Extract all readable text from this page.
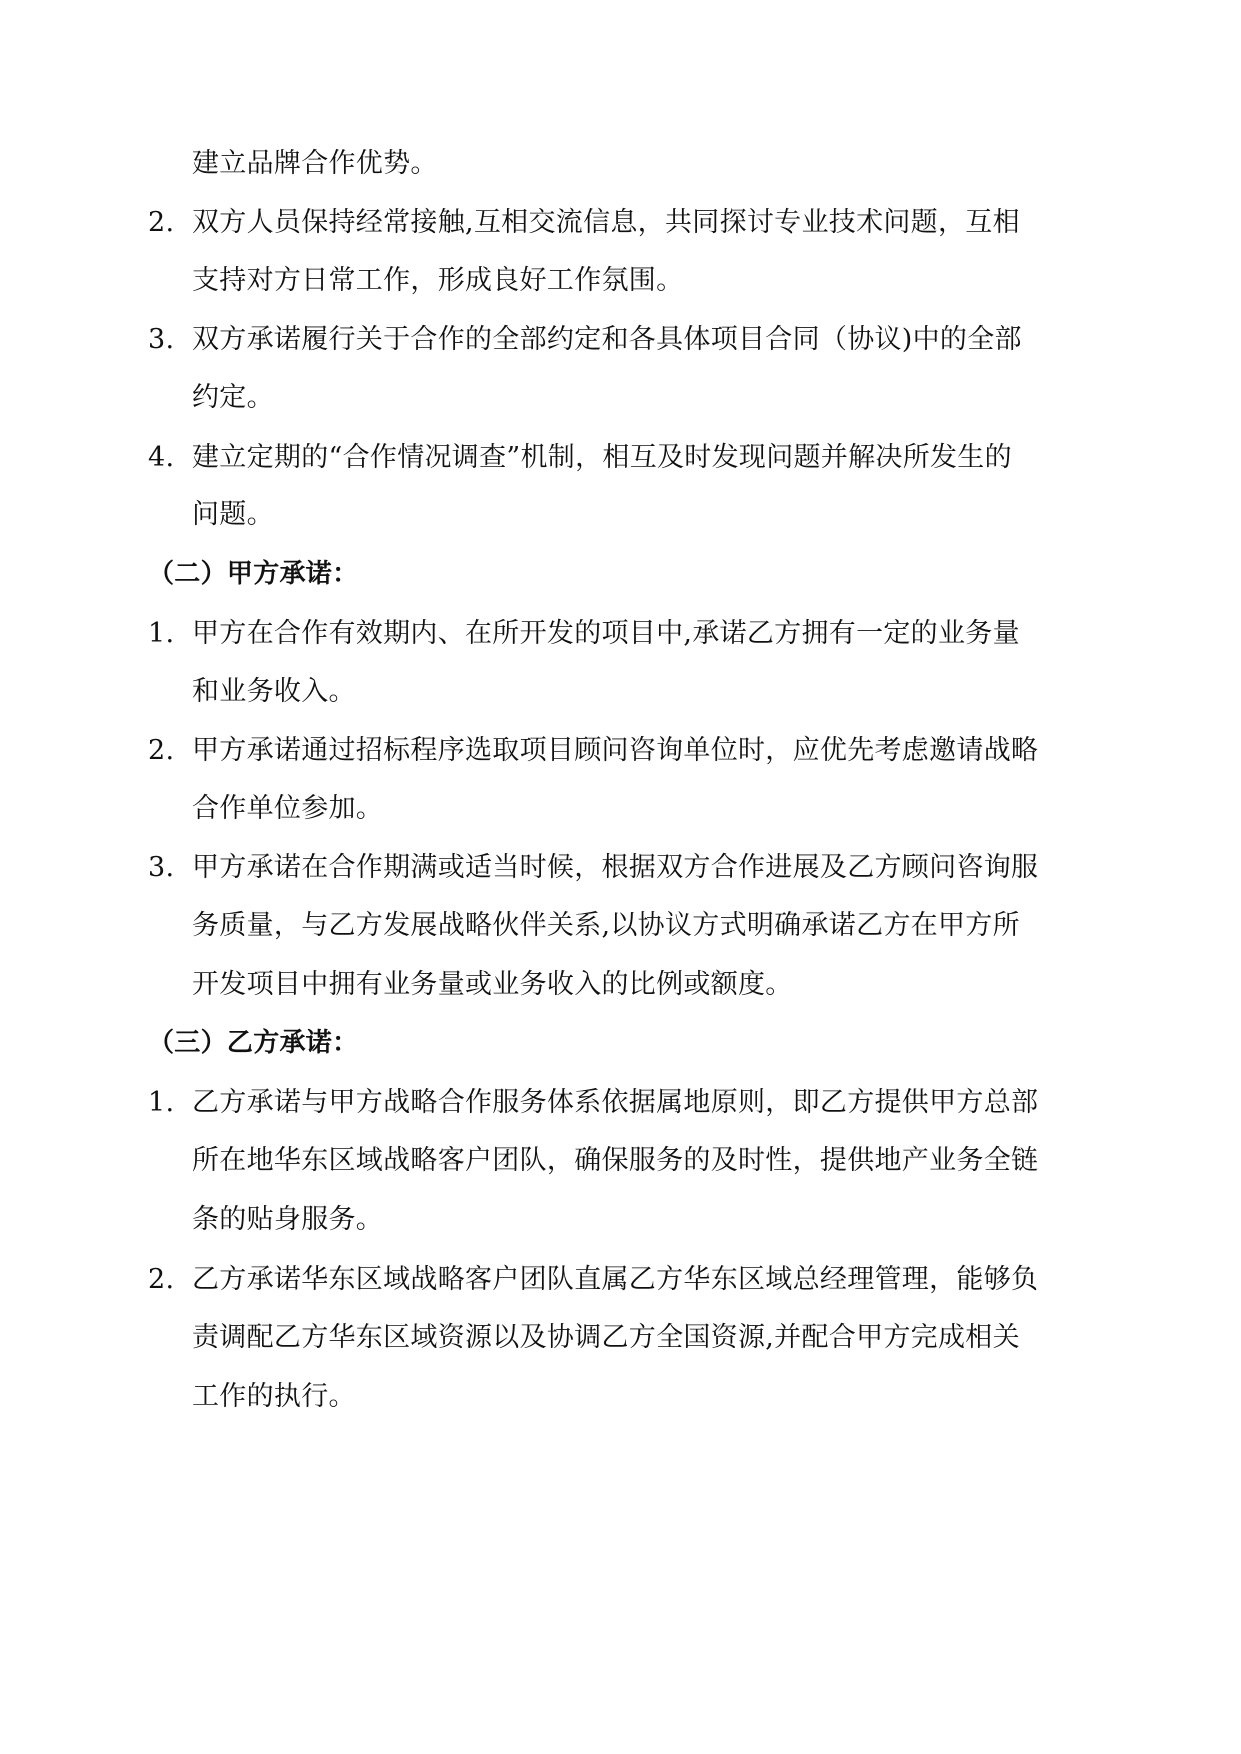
建立品牌合作优势。
2. 双方人员保持经常接触,互相交流信息，共同探讨专业技术问题，互相
支持对方日常工作，形成良好工作氛围。
3. 双方承诺履行关于合作的全部约定和各具体项目合同（协议)中的全部
约定。
4. 建立定期的“合作情况调查”机制，相互及时发现问题并解决所发生的
问题。
（二）甲方承诺：
1. 甲方在合作有效期内、在所开发的项目中,承诺乙方拥有一定的业务量
和业务收入。
2. 甲方承诺通过招标程序选取项目顾问咨询单位时，应优先考虑邀请战略
合作单位参加。
3. 甲方承诺在合作期满或适当时候，根据双方合作进展及乙方顾问咨询服
务质量，与乙方发展战略伙伴关系,以协议方式明确承诺乙方在甲方所
开发项目中拥有业务量或业务收入的比例或额度。
（三）乙方承诺：
1. 乙方承诺与甲方战略合作服务体系依据属地原则，即乙方提供甲方总部
所在地华东区域战略客户团队，确保服务的及时性，提供地产业务全链
条的贴身服务。
2. 乙方承诺华东区域战略客户团队直属乙方华东区域总经理管理，能够负
责调配乙方华东区域资源以及协调乙方全国资源,并配合甲方完成相关
工作的执行。
